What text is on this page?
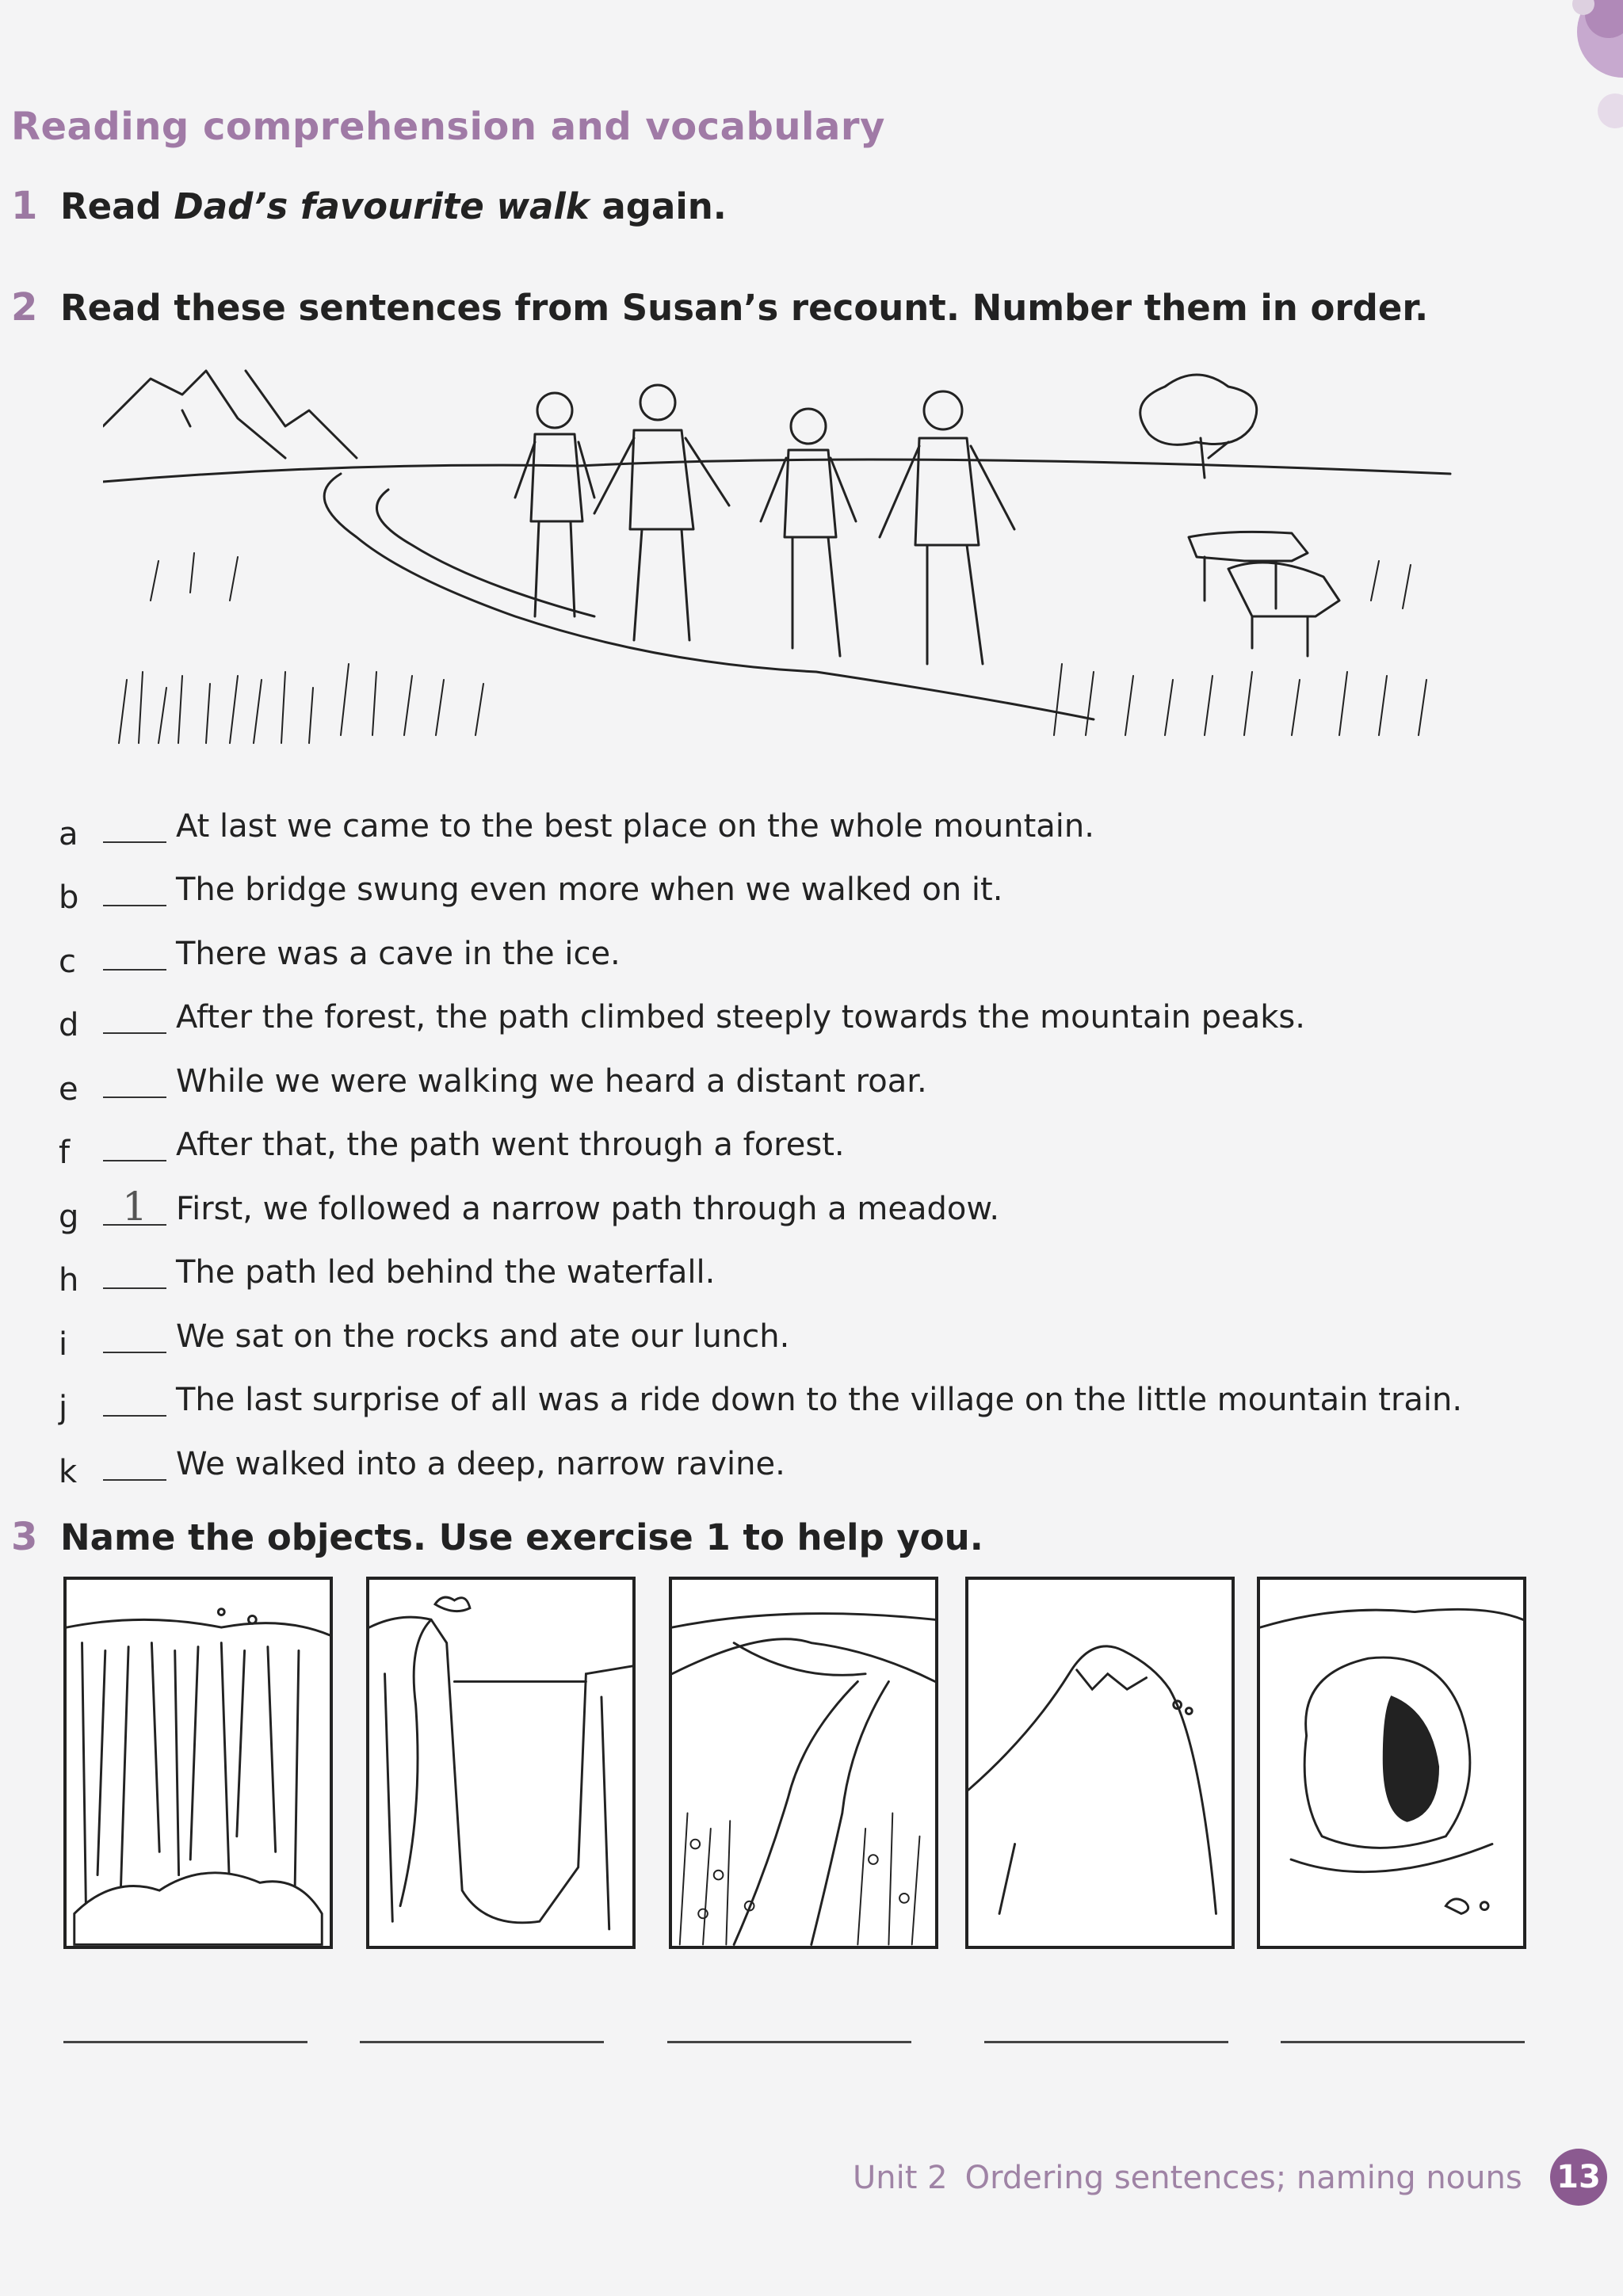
Reading comprehension and vocabulary

1 Read Dad’s favourite walk again.

2 Read these sentences from Susan’s recount. Number them in order.

a	At last we came to the best place on the whole mountain.
b	The bridge swung even more when we walked on it.
c	There was a cave in the ice.
d	After the forest, the path climbed steeply towards the mountain peaks.
e	While we were walking we heard a distant roar.
f	After that, the path went through a forest.
g	1 First, we followed a narrow path through a meadow.
h	The path led behind the waterfall.
i	We sat on the rocks and ate our lunch.
j	The last surprise of all was a ride down to the village on the little mountain train.
k	We walked into a deep, narrow ravine.

3 Name the objects. Use exercise 1 to help you.

Unit 2 Ordering sentences; naming nouns 13
